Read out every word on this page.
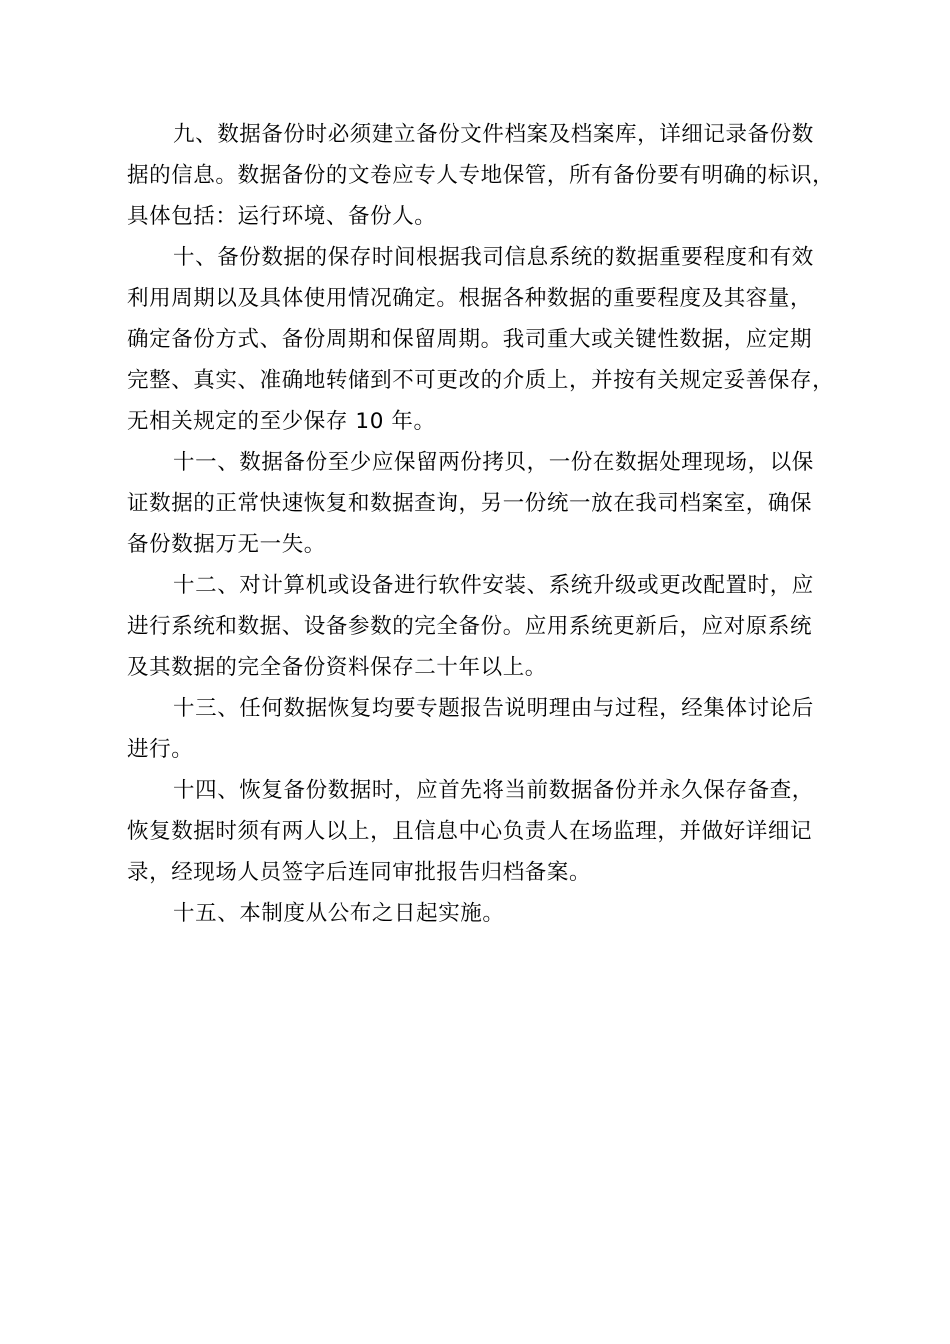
九、数据备份时必须建立备份文件档案及档案库，详细记录备份数
据的信息。数据备份的文卷应专人专地保管，所有备份要有明确的标识，
具体包括：运行环境、备份人。

十、备份数据的保存时间根据我司信息系统的数据重要程度和有效
利用周期以及具体使用情况确定。根据各种数据的重要程度及其容量，
确定备份方式、备份周期和保留周期。我司重大或关键性数据，应定期
完整、真实、准确地转储到不可更改的介质上，并按有关规定妥善保存，
无相关规定的至少保存 10 年。

十一、数据备份至少应保留两份拷贝，一份在数据处理现场，以保
证数据的正常快速恢复和数据查询，另一份统一放在我司档案室，确保
备份数据万无一失。

十二、对计算机或设备进行软件安装、系统升级或更改配置时，应
进行系统和数据、设备参数的完全备份。应用系统更新后，应对原系统
及其数据的完全备份资料保存二十年以上。

十三、任何数据恢复均要专题报告说明理由与过程，经集体讨论后
进行。

十四、恢复备份数据时，应首先将当前数据备份并永久保存备查，
恢复数据时须有两人以上，且信息中心负责人在场监理，并做好详细记
录，经现场人员签字后连同审批报告归档备案。

十五、本制度从公布之日起实施。
